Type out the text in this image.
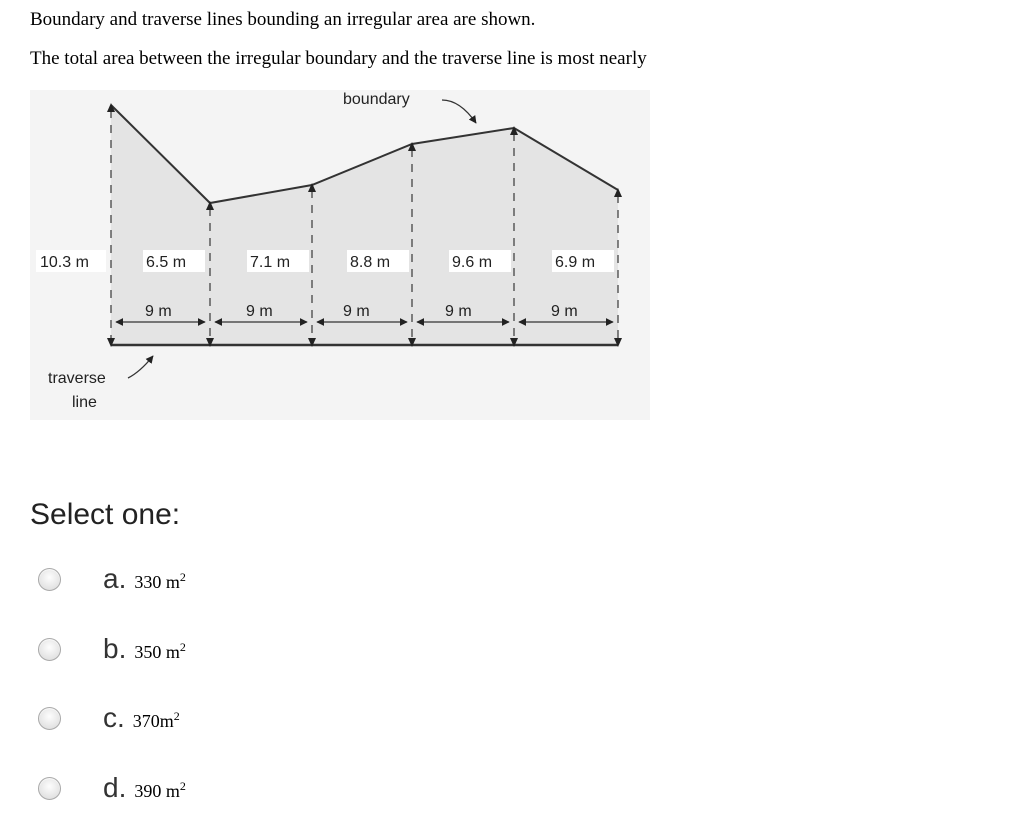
Boundary and traverse lines bounding an irregular area are shown.

The total area between the irregular boundary and the traverse line is most nearly

10.3 m	6.5 m	7.1 m	8.8 m	9.6 m	6.9 m
9 m	9 m	9 m	9 m	9 m
boundary
traverse
line

Select one:

a. 330 $m^2$
b. 350 $m^2$
c. $370m^2$
d. 390 $m^2$
